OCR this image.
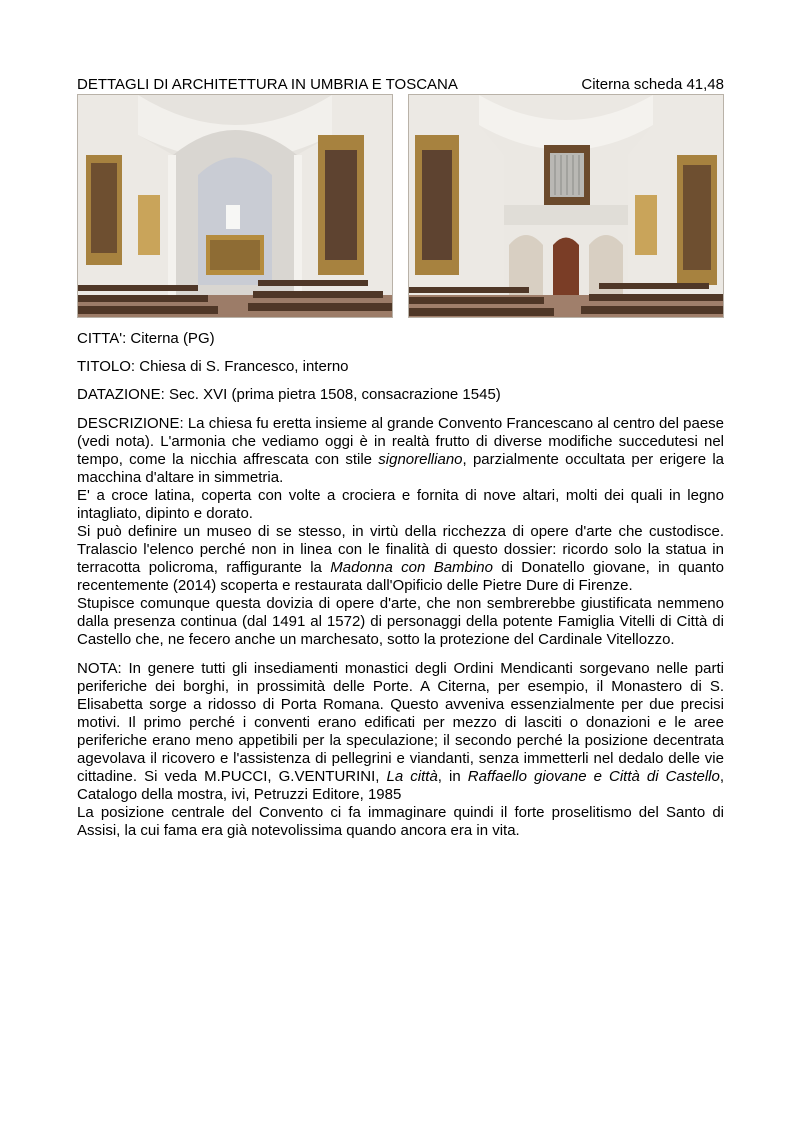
DETTAGLI DI ARCHITETTURA IN UMBRIA E TOSCANA	Citerna scheda 41,48

CITTA': Citerna (PG)

TITOLO: Chiesa di S. Francesco, interno

DATAZIONE: Sec. XVI (prima pietra 1508, consacrazione 1545)

DESCRIZIONE: La chiesa fu eretta insieme al grande Convento Francescano al centro del paese (vedi nota). L'armonia che vediamo oggi è in realtà frutto di diverse modifiche succedutesi nel tempo, come la nicchia affrescata con stile signorelliano, parzialmente occultata per erigere la macchina d'altare in simmetria.

E' a croce latina, coperta con volte a crociera e fornita di nove altari, molti dei quali in legno intagliato, dipinto e dorato.

Si può definire un museo di se stesso, in virtù della ricchezza di opere d'arte che custodisce. Tralascio l'elenco perché non in linea con le finalità di questo dossier: ricordo solo la statua in terracotta policroma, raffigurante la Madonna con Bambino di Donatello giovane, in quanto recentemente (2014) scoperta e restaurata dall'Opificio delle Pietre Dure di Firenze.

Stupisce comunque questa dovizia di opere d'arte, che non sembrerebbe giustificata nemmeno dalla presenza continua (dal 1491 al 1572) di personaggi della potente Famiglia Vitelli di Città di Castello che, ne fecero anche un marchesato, sotto la protezione del Cardinale Vitellozzo.

NOTA: In genere tutti gli insediamenti monastici degli Ordini Mendicanti sorgevano nelle parti periferiche dei borghi, in prossimità delle Porte. A Citerna, per esempio, il Monastero di S. Elisabetta sorge a ridosso di Porta Romana. Questo avveniva essenzialmente per due precisi motivi. Il primo perché i conventi erano edificati per mezzo di lasciti o donazioni e le aree periferiche erano meno appetibili per la speculazione; il secondo perché la posizione decentrata agevolava il ricovero e l'assistenza di pellegrini e viandanti, senza immetterli nel dedalo delle vie cittadine. Si veda M.PUCCI, G.VENTURINI, La città, in Raffaello giovane e Città di Castello, Catalogo della mostra, ivi, Petruzzi Editore, 1985

La posizione centrale del Convento ci fa immaginare quindi il forte proselitismo del Santo di Assisi, la cui fama era già notevolissima quando ancora era in vita.
